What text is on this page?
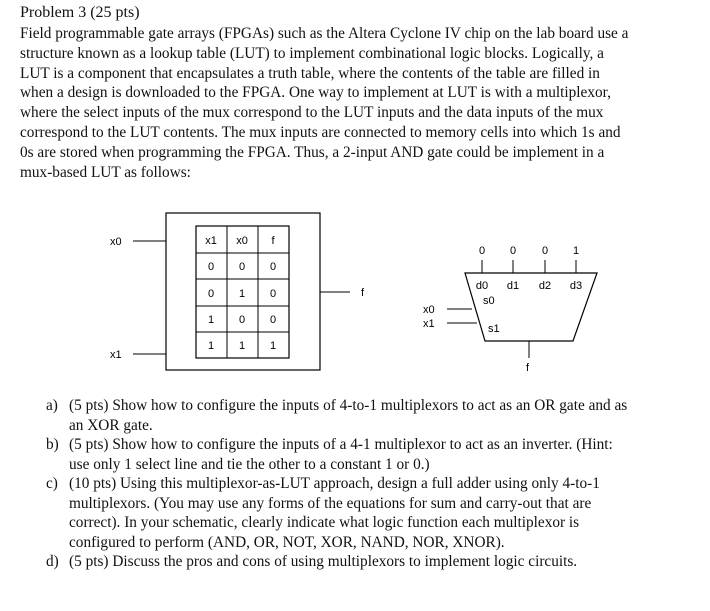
Problem 3 (25 pts)
Field programmable gate arrays (FPGAs) such as the Altera Cyclone IV chip on the lab board use a
structure known as a lookup table (LUT) to implement combinational logic blocks. Logically, a
LUT is a component that encapsulates a truth table, where the contents of the table are filled in
when a design is downloaded to the FPGA. One way to implement at LUT is with a multiplexor,
where the select inputs of the mux correspond to the LUT inputs and the data inputs of the mux
correspond to the LUT contents. The mux inputs are connected to memory cells into which 1s and
0s are stored when programming the FPGA. Thus, a 2-input AND gate could be implement in a
mux-based LUT as follows:
x0
x1
f
x1 x0 f
0 0 0
0 1 0
1 0 0
1 1 1
0 0 0 1
d0 d1 d2 d3
s0
s1
x0
x1
f
a) (5 pts) Show how to configure the inputs of 4-to-1 multiplexors to act as an OR gate and as
an XOR gate.
b) (5 pts) Show how to configure the inputs of a 4-1 multiplexor to act as an inverter. (Hint:
use only 1 select line and tie the other to a constant 1 or 0.)
c) (10 pts) Using this multiplexor-as-LUT approach, design a full adder using only 4-to-1
multiplexors. (You may use any forms of the equations for sum and carry-out that are
correct). In your schematic, clearly indicate what logic function each multiplexor is
configured to perform (AND, OR, NOT, XOR, NAND, NOR, XNOR).
d) (5 pts) Discuss the pros and cons of using multiplexors to implement logic circuits.
